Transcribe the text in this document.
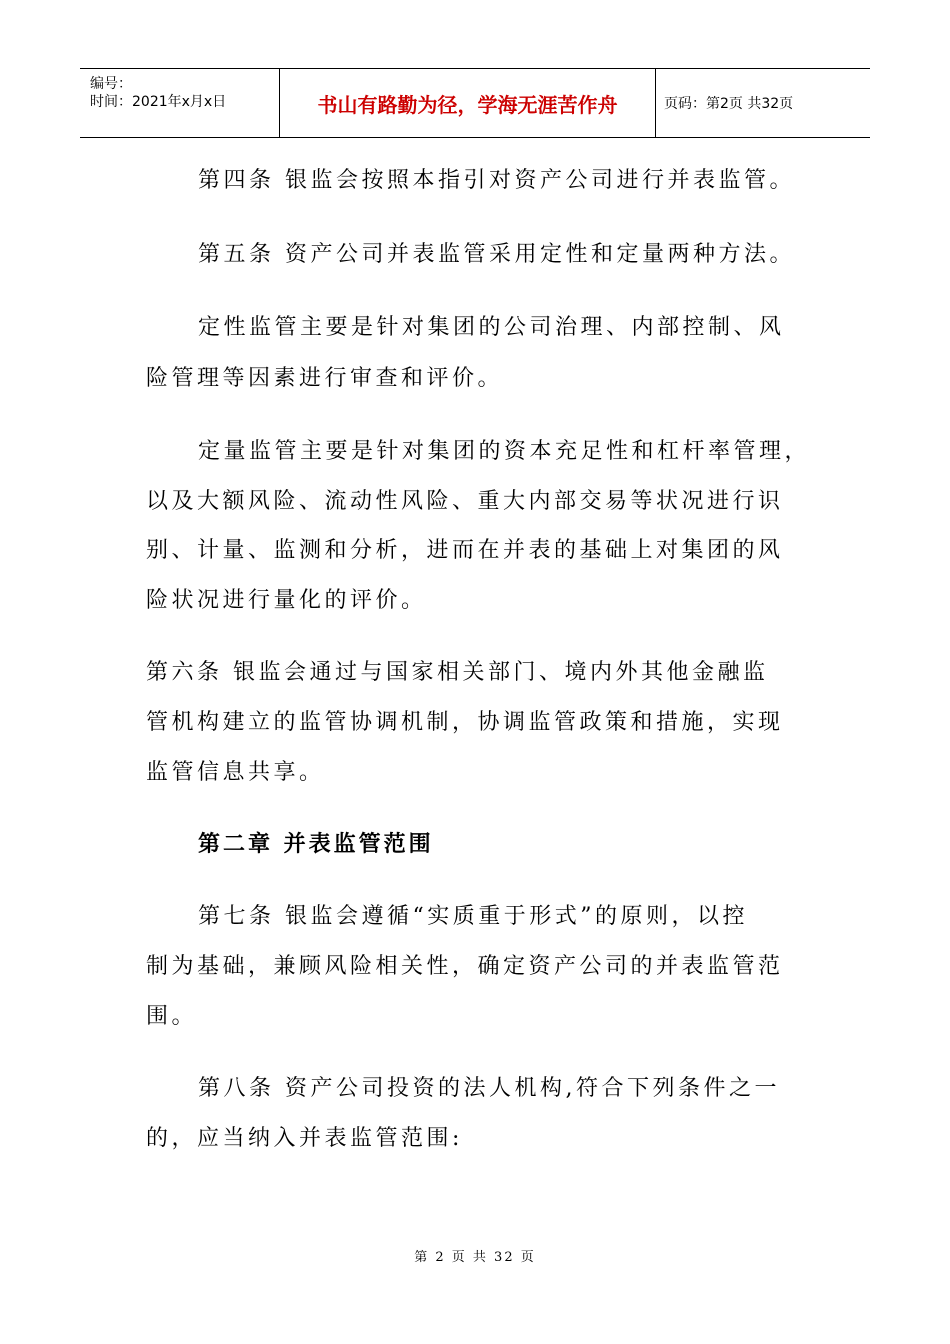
编号：
时间：2021年x月x日	书山有路勤为径，学海无涯苦作舟	页码：第2页 共32页
第四条 银监会按照本指引对资产公司进行并表监管。
第五条 资产公司并表监管采用定性和定量两种方法。
定性监管主要是针对集团的公司治理、内部控制、风
险管理等因素进行审查和评价。
定量监管主要是针对集团的资本充足性和杠杆率管理，
以及大额风险、流动性风险、重大内部交易等状况进行识
别、计量、监测和分析，进而在并表的基础上对集团的风
险状况进行量化的评价。
第六条 银监会通过与国家相关部门、境内外其他金融监
管机构建立的监管协调机制，协调监管政策和措施，实现
监管信息共享。
第二章 并表监管范围
第七条 银监会遵循“实质重于形式”的原则，以控
制为基础，兼顾风险相关性，确定资产公司的并表监管范
围。
第八条 资产公司投资的法人机构,符合下列条件之一
的，应当纳入并表监管范围:
第 2 页 共 32 页
